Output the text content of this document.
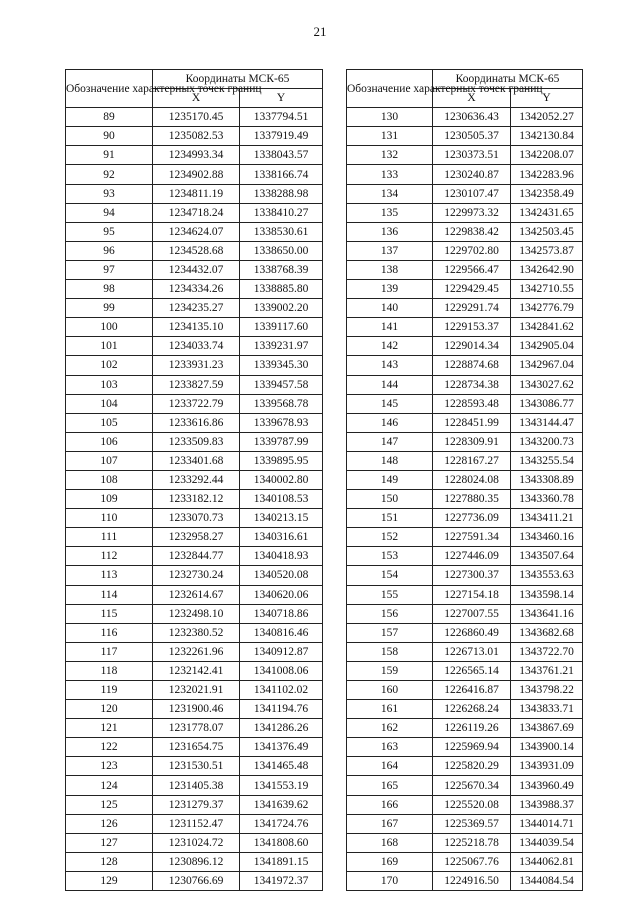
21
Обозначение характерных точек границ	Координаты МСК-65	
	X	Y
89	1235170.45	1337794.51
90	1235082.53	1337919.49
91	1234993.34	1338043.57
92	1234902.88	1338166.74
93	1234811.19	1338288.98
94	1234718.24	1338410.27
95	1234624.07	1338530.61
96	1234528.68	1338650.00
97	1234432.07	1338768.39
98	1234334.26	1338885.80
99	1234235.27	1339002.20
100	1234135.10	1339117.60
101	1234033.74	1339231.97
102	1233931.23	1339345.30
103	1233827.59	1339457.58
104	1233722.79	1339568.78
105	1233616.86	1339678.93
106	1233509.83	1339787.99
107	1233401.68	1339895.95
108	1233292.44	1340002.80
109	1233182.12	1340108.53
110	1233070.73	1340213.15
111	1232958.27	1340316.61
112	1232844.77	1340418.93
113	1232730.24	1340520.08
114	1232614.67	1340620.06
115	1232498.10	1340718.86
116	1232380.52	1340816.46
117	1232261.96	1340912.87
118	1232142.41	1341008.06
119	1232021.91	1341102.02
120	1231900.46	1341194.76
121	1231778.07	1341286.26
122	1231654.75	1341376.49
123	1231530.51	1341465.48
124	1231405.38	1341553.19
125	1231279.37	1341639.62
126	1231152.47	1341724.76
127	1231024.72	1341808.60
128	1230896.12	1341891.15
129	1230766.69	1341972.37
Обозначение характерных точек границ	Координаты МСК-65	
	X	Y
130	1230636.43	1342052.27
131	1230505.37	1342130.84
132	1230373.51	1342208.07
133	1230240.87	1342283.96
134	1230107.47	1342358.49
135	1229973.32	1342431.65
136	1229838.42	1342503.45
137	1229702.80	1342573.87
138	1229566.47	1342642.90
139	1229429.45	1342710.55
140	1229291.74	1342776.79
141	1229153.37	1342841.62
142	1229014.34	1342905.04
143	1228874.68	1342967.04
144	1228734.38	1343027.62
145	1228593.48	1343086.77
146	1228451.99	1343144.47
147	1228309.91	1343200.73
148	1228167.27	1343255.54
149	1228024.08	1343308.89
150	1227880.35	1343360.78
151	1227736.09	1343411.21
152	1227591.34	1343460.16
153	1227446.09	1343507.64
154	1227300.37	1343553.63
155	1227154.18	1343598.14
156	1227007.55	1343641.16
157	1226860.49	1343682.68
158	1226713.01	1343722.70
159	1226565.14	1343761.21
160	1226416.87	1343798.22
161	1226268.24	1343833.71
162	1226119.26	1343867.69
163	1225969.94	1343900.14
164	1225820.29	1343931.09
165	1225670.34	1343960.49
166	1225520.08	1343988.37
167	1225369.57	1344014.71
168	1225218.78	1344039.54
169	1225067.76	1344062.81
170	1224916.50	1344084.54
